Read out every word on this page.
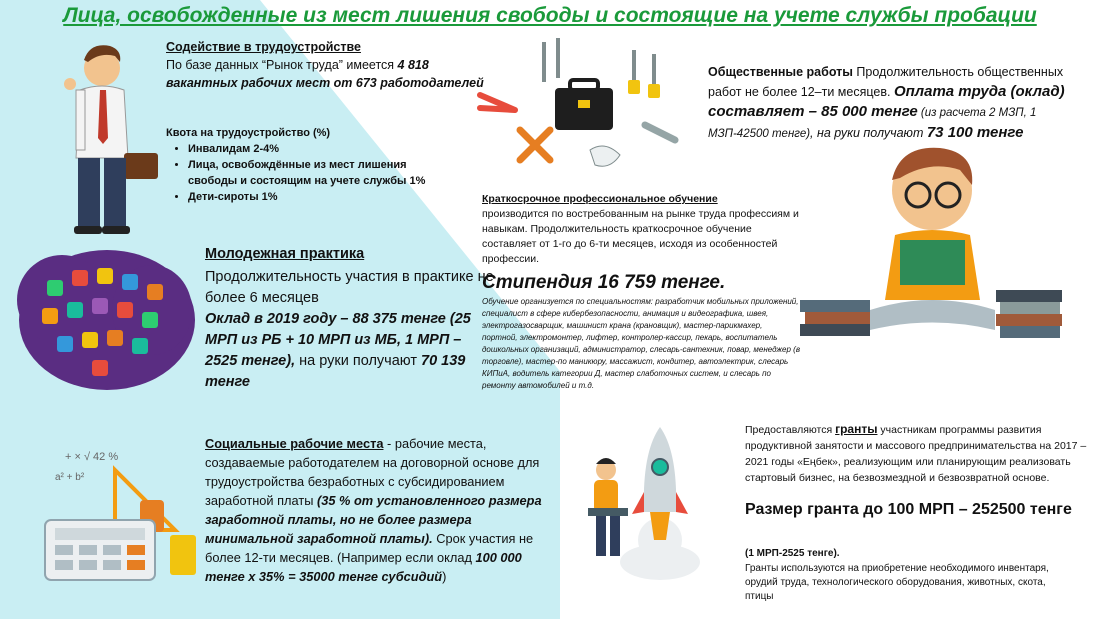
Лица, освобожденные из мест лишения свободы и состоящие на учете службы пробации

Содействие в трудоустройстве

По базе данных “Рынок труда” имеется 4 818 вакантных рабочих мест от 673 работодателей

Квота на трудоустройство (%)

• Инвалидам 2-4%
• Лица, освобождённые из мест лишения свободы и состоящим на учете службы 1%
• Дети-сироты 1%

Общественные работы Продолжительность общественных работ не более 12–ти месяцев. Оплата труда (оклад) составляет – 85 000 тенге (из расчета 2 МЗП, 1 МЗП-42500 тенге), на руки получают 73 100 тенге

Краткосрочное профессиональное обучение

производится по востребованным на рынке труда профессиям и навыкам. Продолжительность краткосрочное обучение составляет от 1-го до 6-ти месяцев, исходя из особенностей профессии.

Стипендия 16 759 тенге.
Обучение организуется по специальностям: разработчик мобильных приложений, специалист в сфере кибербезопасности, анимация и видеографика, швея, электрогазосварщик, машинист крана (крановщик), мастер-парикмахер, портной, электромонтер, лифтер, контролер-кассир, пекарь, воспитатель дошкольных организаций, администратор, слесарь-сантехник, повар, менеджер (в торговле), мастер-по маникюру, массажист, кондитер, автоэлектрик, слесарь КИПиА, водитель категории Д, мастер слаботочных систем, и слесарь по ремонту автомобилей и т.д.

Молодежная практика

Продолжительность участия в практике не более 6 месяцев

Оклад в 2019 году – 88 375 тенге (25 МРП из РБ + 10 МРП из МБ, 1 МРП – 2525 тенге), на руки получают 70 139 тенге

+ × √ 42 %
a² + b²

Социальные рабочие места - рабочие места, создаваемые работодателем на договорной основе для трудоустройства безработных с субсидированием заработной платы (35 % от установленного размера заработной платы, но не более размера минимальной заработной платы). Срок участия не более 12-ти месяцев. (Например если оклад 100 000 тенге х 35% = 35000 тенге субсидий)

Предоставляются гранты участникам программы развития продуктивной занятости и массового предпринимательства на 2017 – 2021 годы «Еңбек», реализующим или планирующим реализовать стартовый бизнес, на безвозмездной и безвозвратной основе.

Размер гранта до 100 МРП – 252500 тенге
(1 МРП-2525 тенге).
Гранты используются на приобретение необходимого инвентаря, орудий труда, технологического оборудования, животных, скота, птицы
